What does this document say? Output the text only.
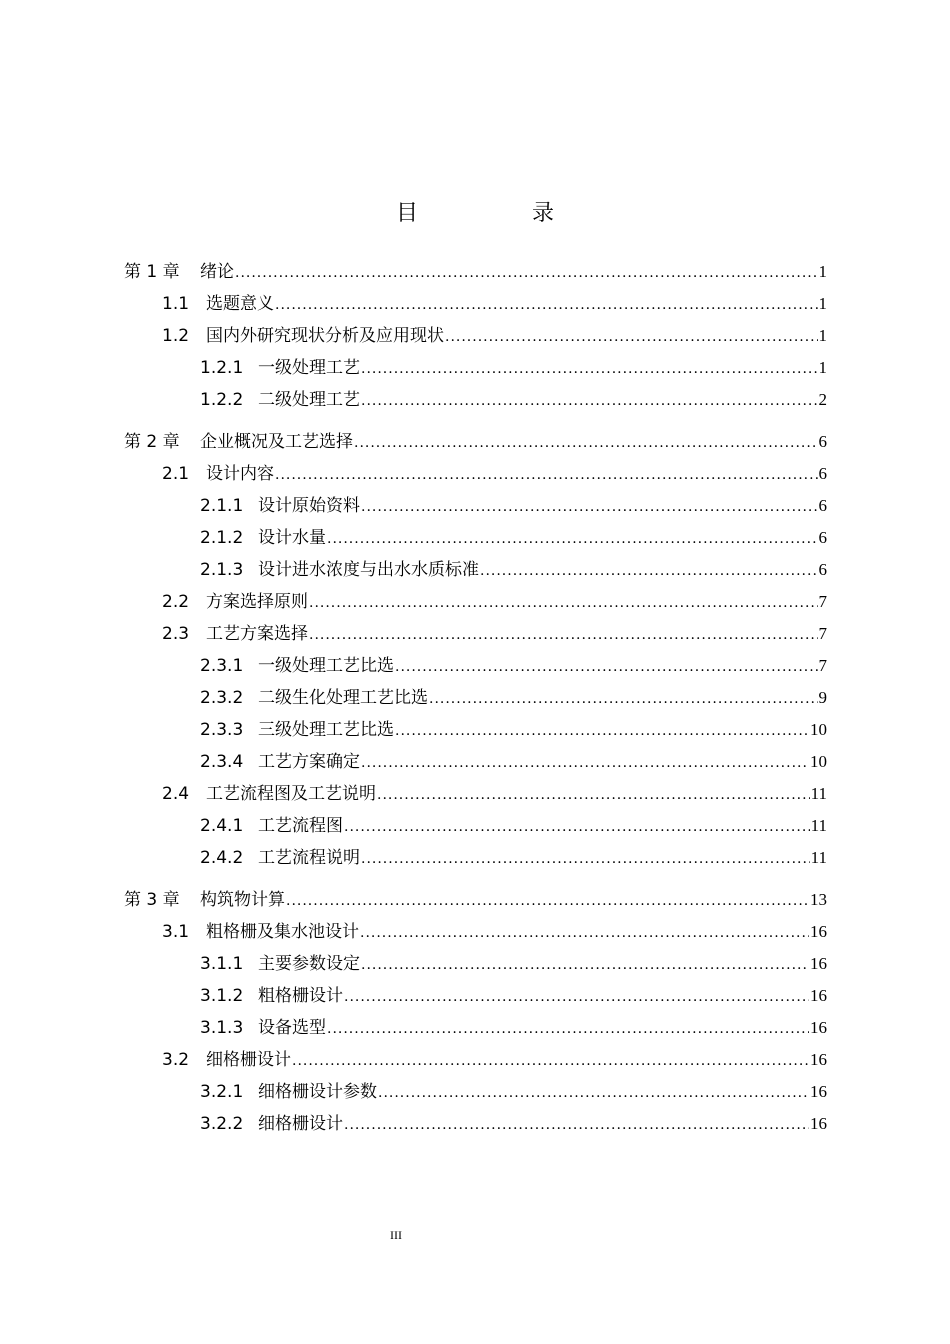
目　录
第 1 章	绪论 .....	1
1.1 选题意义 .....	1
1.2 国内外研究现状分析及应用现状 .....	1
1.2.1 一级处理工艺 .....	1
1.2.2 二级处理工艺 .....	2
第 2 章	企业概况及工艺选择 .....	6
2.1 设计内容 .....	6
2.1.1 设计原始资料 .....	6
2.1.2 设计水量 .....	6
2.1.3 设计进水浓度与出水水质标准 .....	6
2.2 方案选择原则 .....	7
2.3 工艺方案选择 .....	7
2.3.1 一级处理工艺比选 .....	7
2.3.2 二级生化处理工艺比选 .....	9
2.3.3 三级处理工艺比选 .....	10
2.3.4 工艺方案确定 .....	10
2.4 工艺流程图及工艺说明 .....	11
2.4.1 工艺流程图 .....	11
2.4.2 工艺流程说明 .....	11
第 3 章	构筑物计算 .....	13
3.1 粗格栅及集水池设计 .....	16
3.1.1 主要参数设定 .....	16
3.1.2 粗格栅设计 .....	16
3.1.3 设备选型 .....	16
3.2 细格栅设计 .....	16
3.2.1 细格栅设计参数 .....	16
3.2.2 细格栅设计 .....	16
III
